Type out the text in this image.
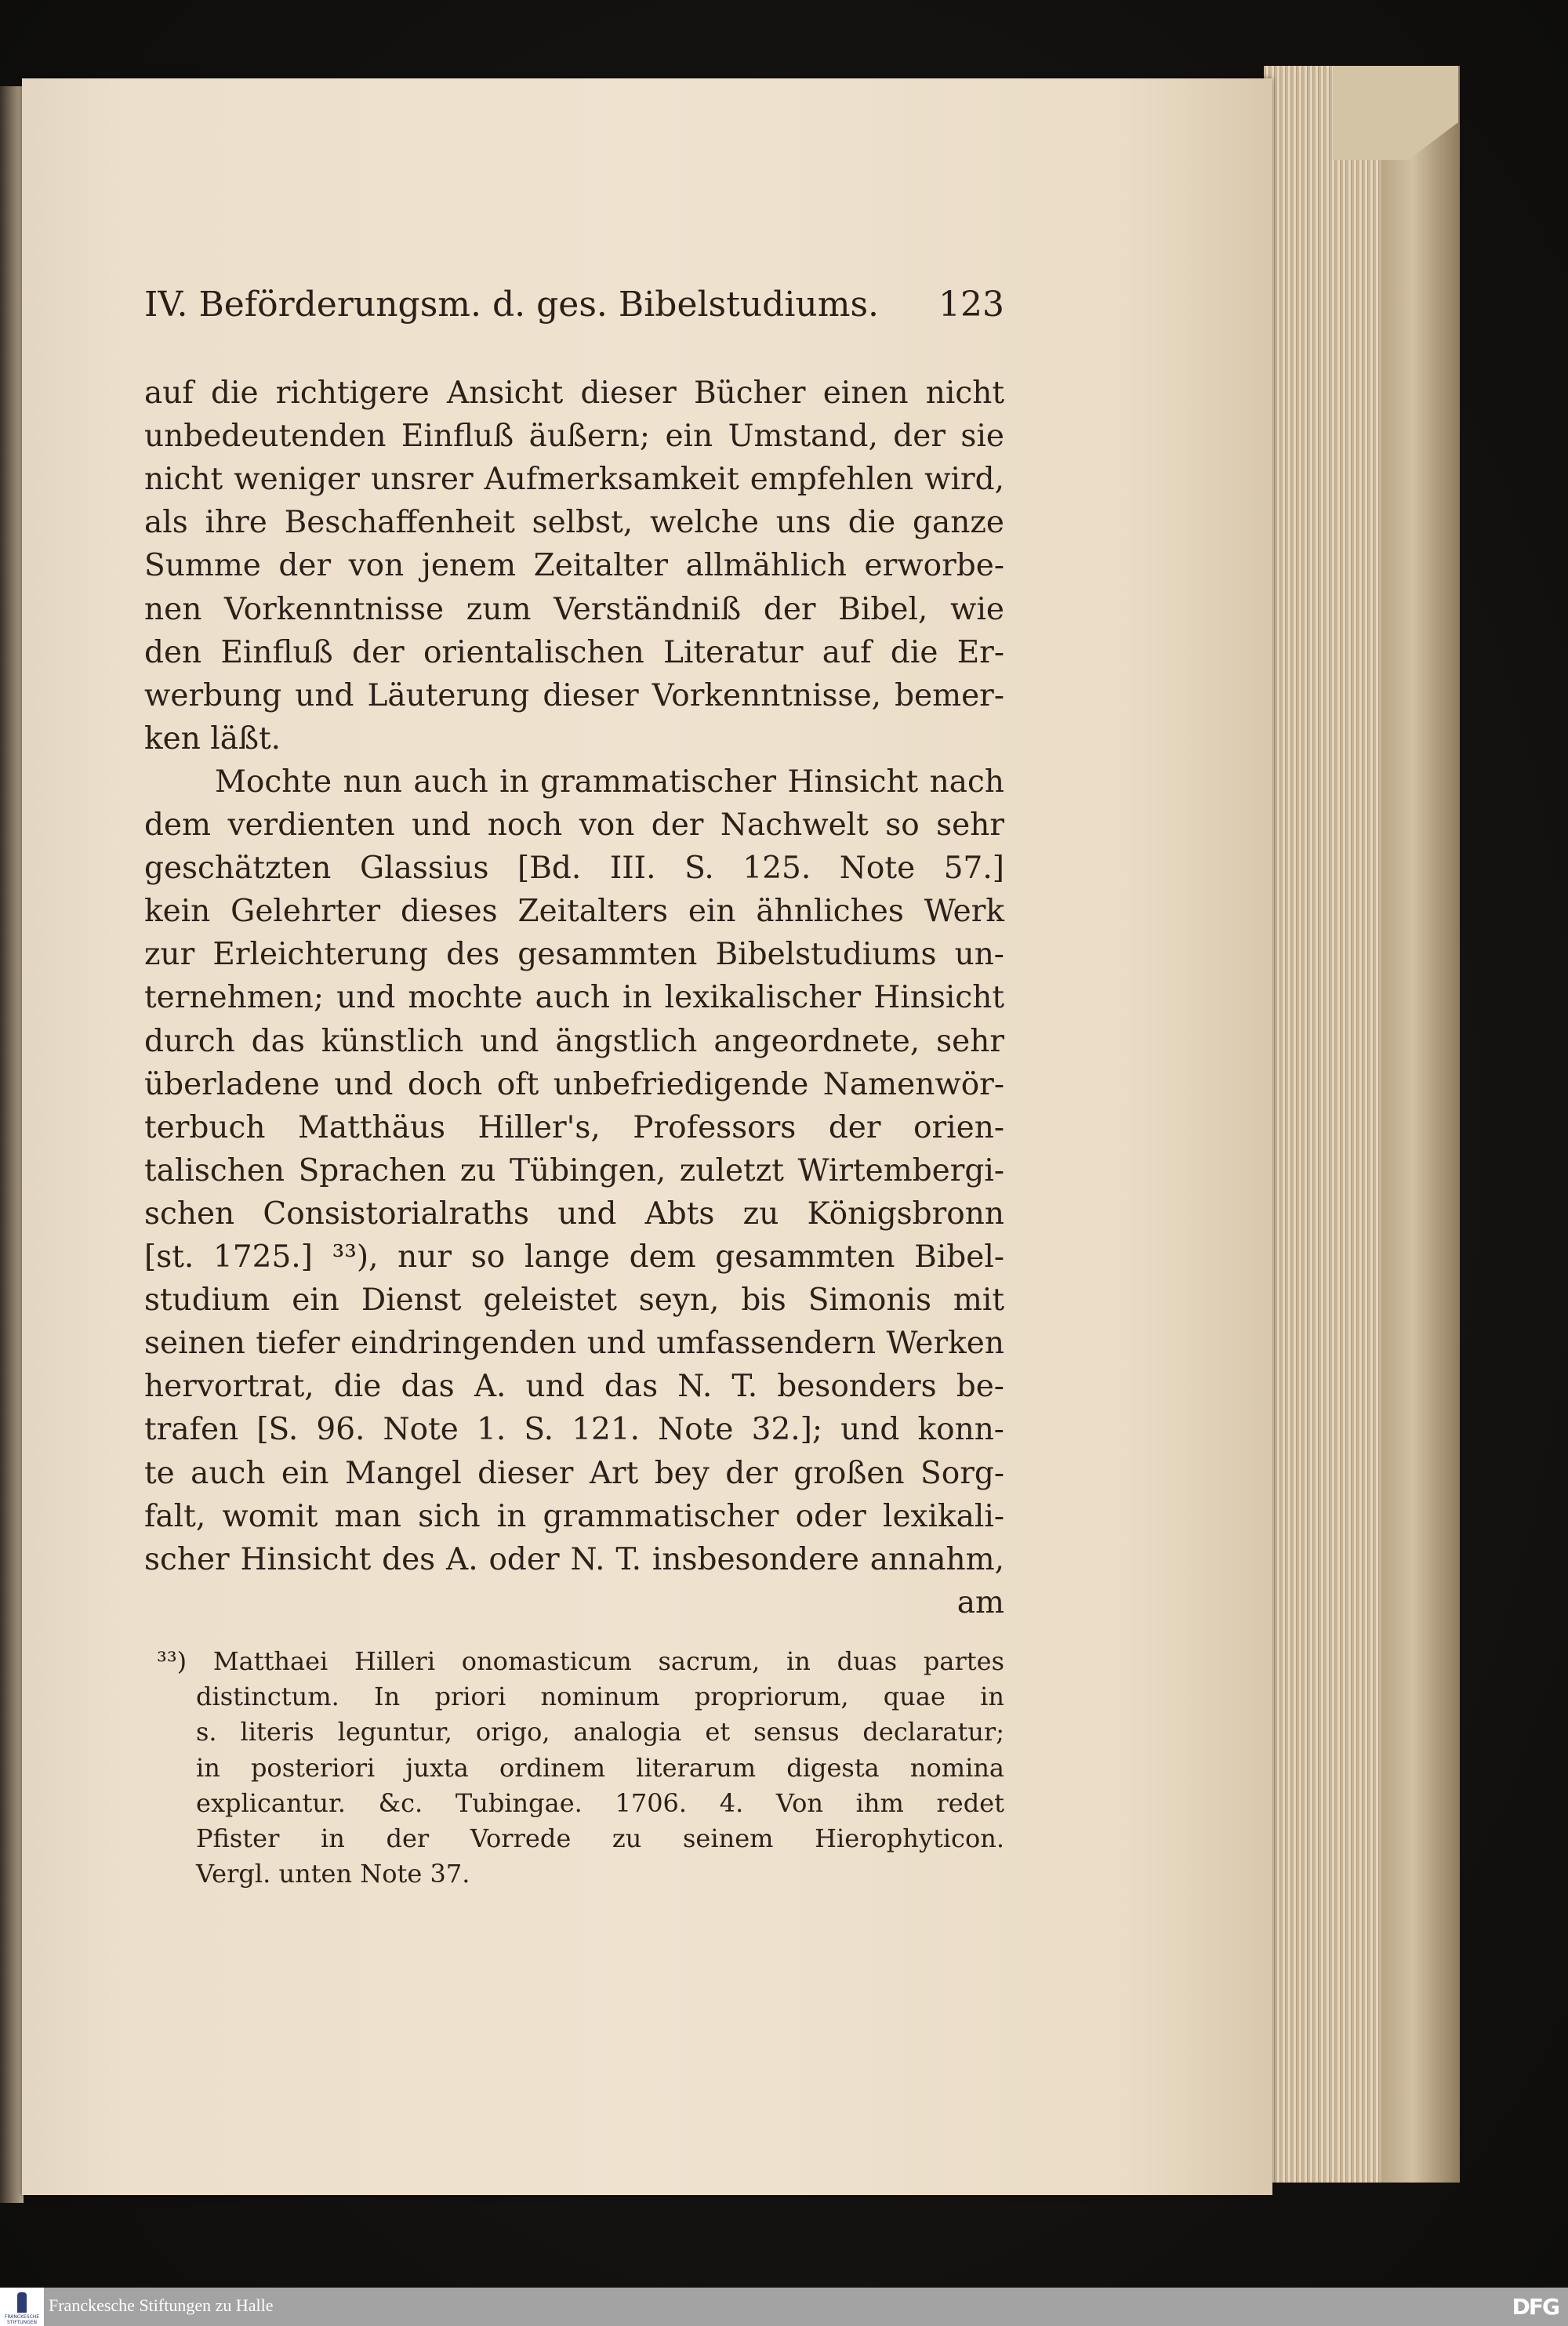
IV. Beförderungsm. d. ges. Bibelstudiums. 123
auf die richtigere Ansicht dieser Bücher einen nicht
unbedeutenden Einfluß äußern; ein Umstand, der sie
nicht weniger unsrer Aufmerksamkeit empfehlen wird,
als ihre Beschaffenheit selbst, welche uns die ganze
Summe der von jenem Zeitalter allmählich erworbe-
nen Vorkenntnisse zum Verständniß der Bibel, wie
den Einfluß der orientalischen Literatur auf die Er-
werbung und Läuterung dieser Vorkenntnisse, bemer-
ken läßt.
Mochte nun auch in grammatischer Hinsicht nach
dem verdienten und noch von der Nachwelt so sehr
geschätzten Glassius [Bd. III. S. 125. Note 57.]
kein Gelehrter dieses Zeitalters ein ähnliches Werk
zur Erleichterung des gesammten Bibelstudiums un-
ternehmen; und mochte auch in lexikalischer Hinsicht
durch das künstlich und ängstlich angeordnete, sehr
überladene und doch oft unbefriedigende Namenwör-
terbuch Matthäus Hiller's, Professors der orien-
talischen Sprachen zu Tübingen, zuletzt Wirtembergi-
schen Consistorialraths und Abts zu Königsbronn
[st. 1725.] ³³), nur so lange dem gesammten Bibel-
studium ein Dienst geleistet seyn, bis Simonis mit
seinen tiefer eindringenden und umfassendern Werken
hervortrat, die das A. und das N. T. besonders be-
trafen [S. 96. Note 1. S. 121. Note 32.]; und konn-
te auch ein Mangel dieser Art bey der großen Sorg-
falt, womit man sich in grammatischer oder lexikali-
scher Hinsicht des A. oder N. T. insbesondere annahm,
am
³³) Matthaei Hilleri onomasticum sacrum, in duas partes
distinctum. In priori nominum propriorum, quae in
s. literis leguntur, origo, analogia et sensus declaratur;
in posteriori juxta ordinem literarum digesta nomina
explicantur. &c. Tubingae. 1706. 4. Von ihm redet
Pfister in der Vorrede zu seinem Hierophyticon.
Vergl. unten Note 37.
FRANCKESCHE STIFTUNGEN
Franckesche Stiftungen zu Halle	DFG
